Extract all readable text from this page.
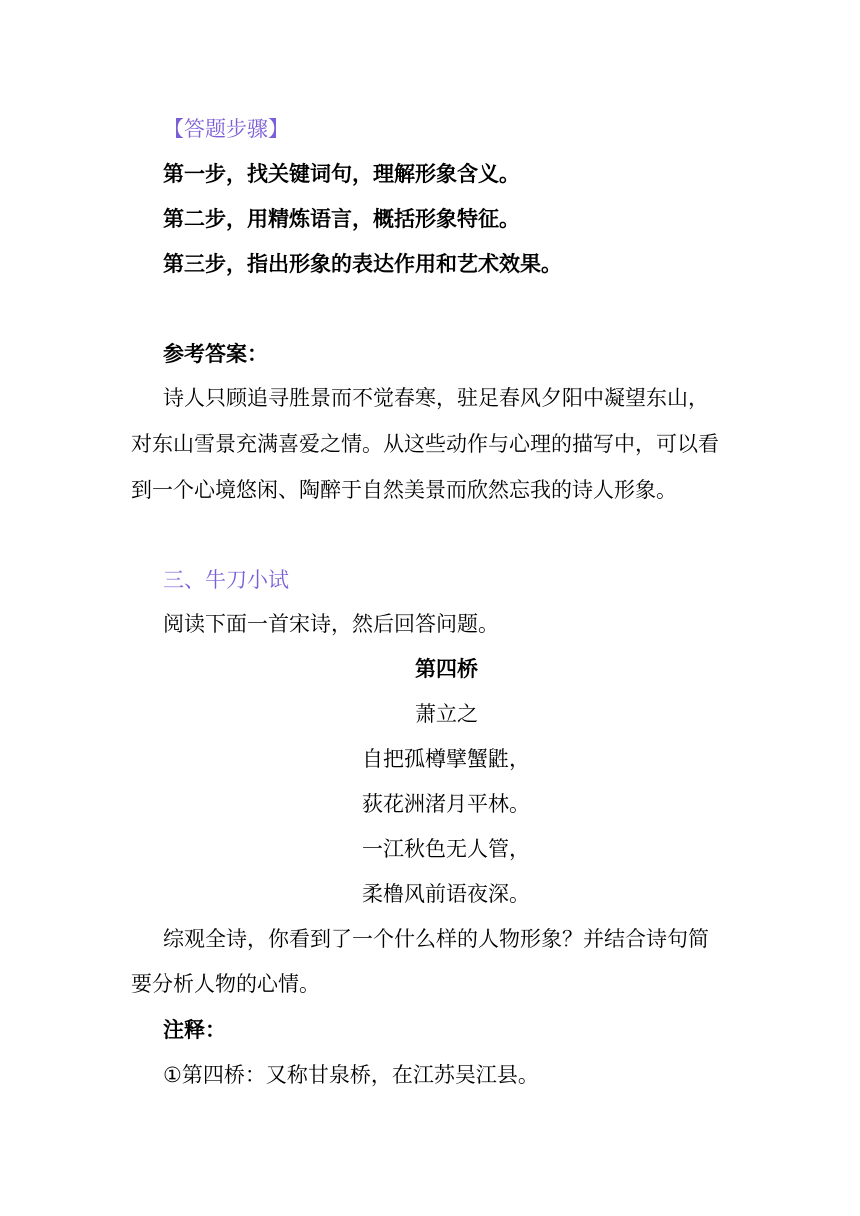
【答题步骤】
第一步，找关键词句，理解形象含义。
第二步，用精炼语言，概括形象特征。
第三步，指出形象的表达作用和艺术效果。
参考答案：
诗人只顾追寻胜景而不觉春寒，驻足春风夕阳中凝望东山，
对东山雪景充满喜爱之情。从这些动作与心理的描写中，可以看
到一个心境悠闲、陶醉于自然美景而欣然忘我的诗人形象。
三、牛刀小试
阅读下面一首宋诗，然后回答问题。
第四桥
萧立之
自把孤樽擘蟹鼪，
荻花洲渚月平林。
一江秋色无人管，
柔橹风前语夜深。
综观全诗，你看到了一个什么样的人物形象？并结合诗句简
要分析人物的心情。
注释：
①第四桥：又称甘泉桥，在江苏吴江县。
